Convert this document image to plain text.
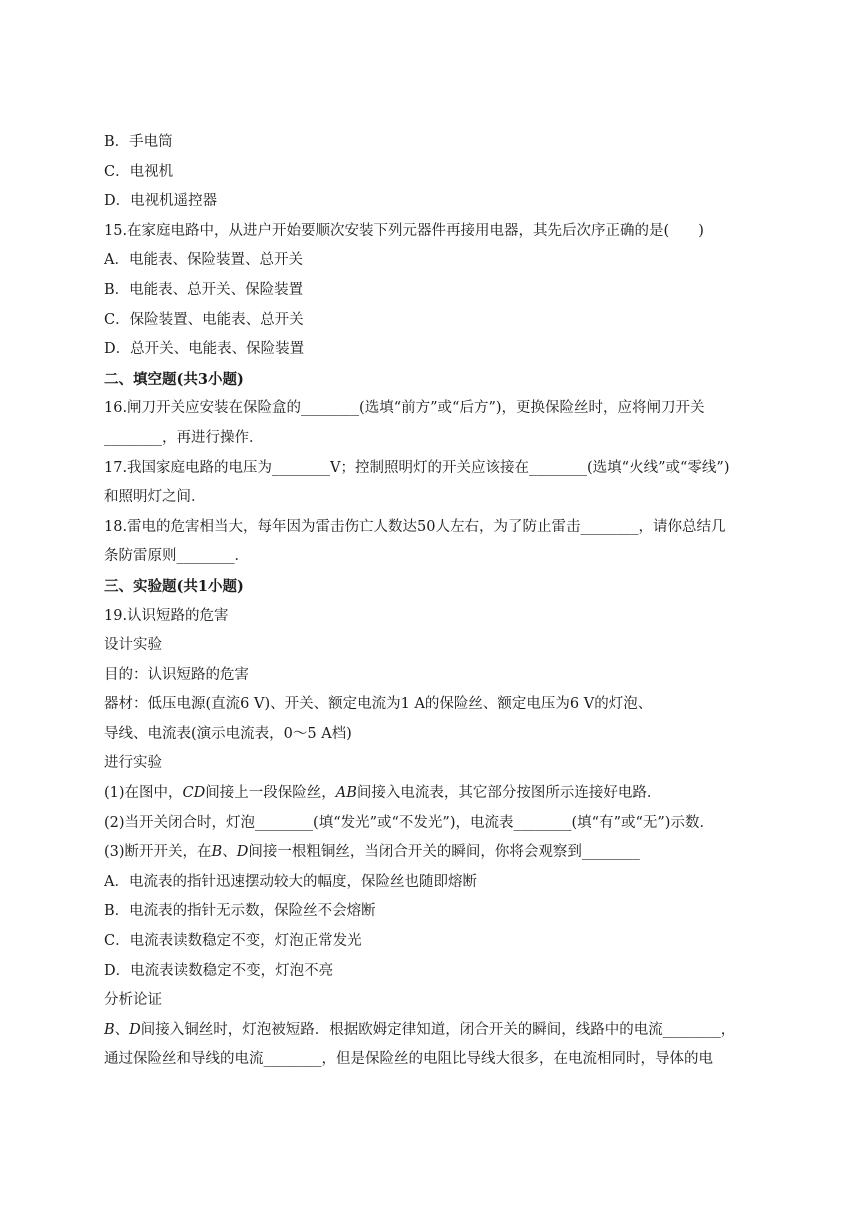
B．手电筒
C．电视机
D．电视机遥控器
15.在家庭电路中，从进户开始要顺次安装下列元器件再接用电器，其先后次序正确的是(　　)
A．电能表、保险装置、总开关
B．电能表、总开关、保险装置
C．保险装置、电能表、总开关
D．总开关、电能表、保险装置
二、填空题(共3小题)
16.闸刀开关应安装在保险盒的________(选填“前方”或“后方”)，更换保险丝时，应将闸刀开关
________，再进行操作．
17.我国家庭电路的电压为________V；控制照明灯的开关应该接在________(选填“火线”或“零线”)
和照明灯之间．
18.雷电的危害相当大，每年因为雷击伤亡人数达50人左右，为了防止雷击________，请你总结几
条防雷原则________．
三、实验题(共1小题)
19.认识短路的危害
设计实验
目的：认识短路的危害
器材：低压电源(直流6 V)、开关、额定电流为1 A的保险丝、额定电压为6 V的灯泡、
导线、电流表(演示电流表，0～5 A档)
进行实验
(1)在图中，CD间接上一段保险丝，AB间接入电流表，其它部分按图所示连接好电路．
(2)当开关闭合时，灯泡________(填“发光”或“不发光”)，电流表________(填“有”或“无”)示数．
(3)断开开关，在B、D间接一根粗铜丝，当闭合开关的瞬间，你将会观察到________
A．电流表的指针迅速摆动较大的幅度，保险丝也随即熔断
B．电流表的指针无示数，保险丝不会熔断
C．电流表读数稳定不变，灯泡正常发光
D．电流表读数稳定不变，灯泡不亮
分析论证
B、D间接入铜丝时，灯泡被短路．根据欧姆定律知道，闭合开关的瞬间，线路中的电流________，
通过保险丝和导线的电流________，但是保险丝的电阻比导线大很多，在电流相同时，导体的电
